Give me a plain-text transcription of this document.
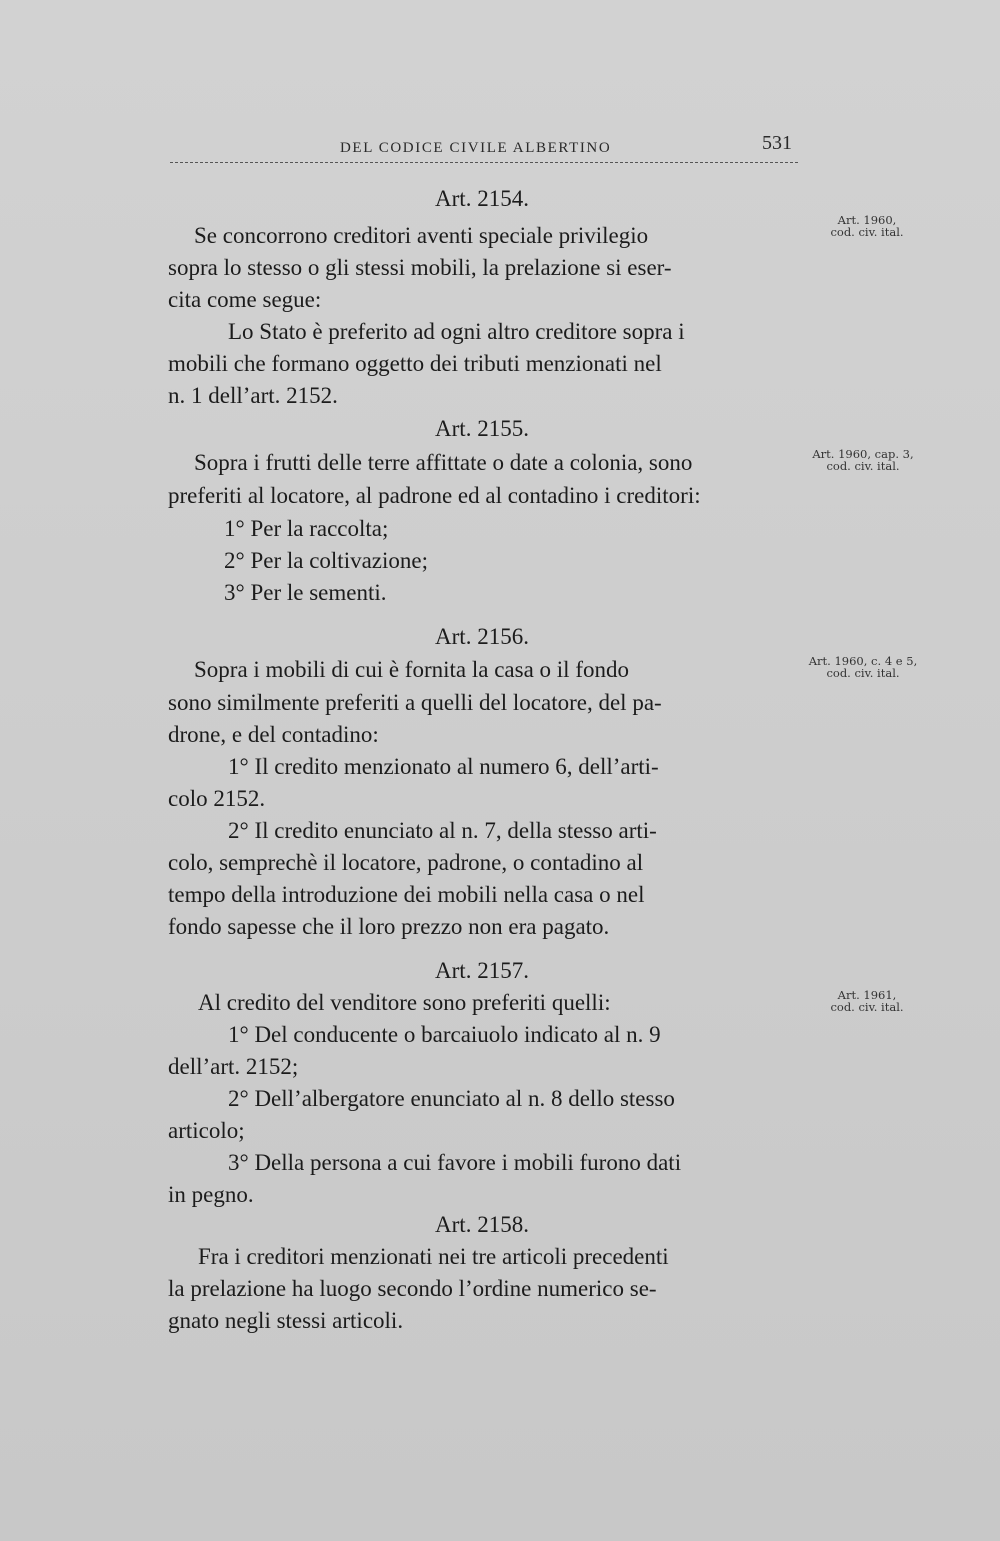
DEL CODICE CIVILE ALBERTINO	531
Art. 2154.
Se concorrono creditori aventi speciale privilegio
sopra lo stesso o gli stessi mobili, la prelazione si eser-
cita come segue:
Lo Stato è preferito ad ogni altro creditore sopra i
mobili che formano oggetto dei tributi menzionati nel
n. 1 dell’art. 2152.
Art. 1960,
cod. civ. ital.
Art. 2155.
Sopra i frutti delle terre affittate o date a colonia, sono
preferiti al locatore, al padrone ed al contadino i creditori:
1° Per la raccolta;
2° Per la coltivazione;
3° Per le sementi.
Art. 1960, cap. 3,
cod. civ. ital.
Art. 2156.
Sopra i mobili di cui è fornita la casa o il fondo
sono similmente preferiti a quelli del locatore, del pa-
drone, e del contadino:
1° Il credito menzionato al numero 6, dell’arti-
colo 2152.
2° Il credito enunciato al n. 7, della stesso arti-
colo, semprechè il locatore, padrone, o contadino al
tempo della introduzione dei mobili nella casa o nel
fondo sapesse che il loro prezzo non era pagato.
Art. 1960, c. 4 e 5,
cod. civ. ital.
Art. 2157.
Al credito del venditore sono preferiti quelli:
1° Del conducente o barcaiuolo indicato al n. 9
dell’art. 2152;
2° Dell’albergatore enunciato al n. 8 dello stesso
articolo;
3° Della persona a cui favore i mobili furono dati
in pegno.
Art. 1961,
cod. civ. ital.
Art. 2158.
Fra i creditori menzionati nei tre articoli precedenti
la prelazione ha luogo secondo l’ordine numerico se-
gnato negli stessi articoli.
